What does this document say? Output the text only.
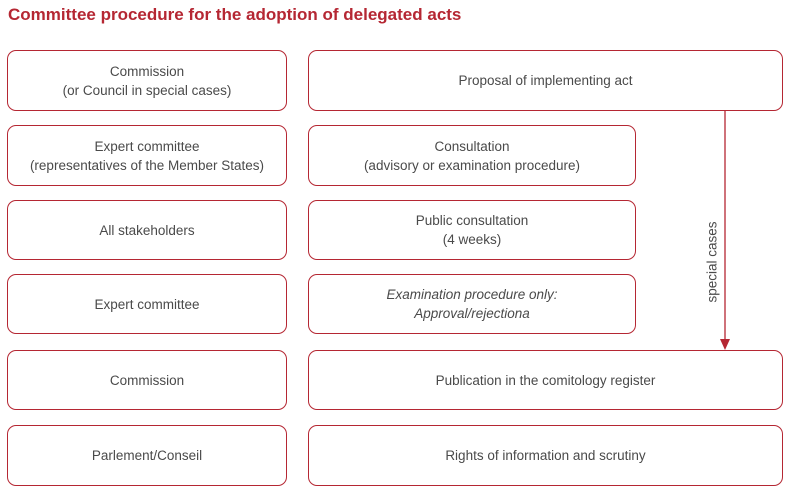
Committee procedure for the adoption of delegated acts
Commission
(or Council in special cases)
Expert committee
(representatives of the Member States)
All stakeholders
Expert committee
Commission
Parlement/Conseil
Proposal of implementing act
Consultation
(advisory or examination procedure)
Public consultation
(4 weeks)
Examination procedure only:
Approval/rejectiona
Publication in the comitology register
Rights of information and scrutiny
special cases
